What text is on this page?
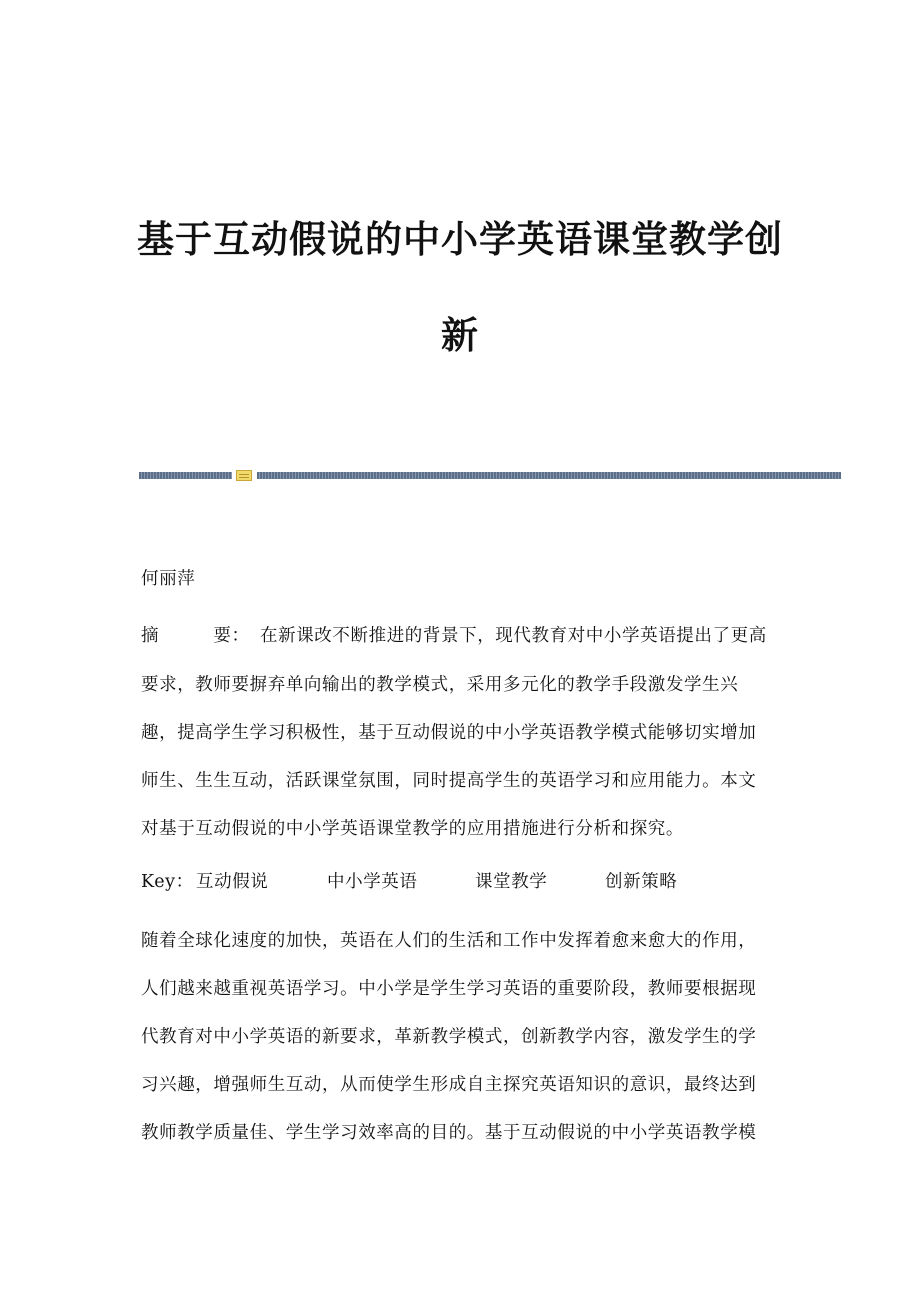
基于互动假说的中小学英语课堂教学创
新
何丽萍
摘　　　要： 在新课改不断推进的背景下，现代教育对中小学英语提出了更高
要求，教师要摒弃单向输出的教学模式，采用多元化的教学手段激发学生兴
趣，提高学生学习积极性，基于互动假说的中小学英语教学模式能够切实增加
师生、生生互动，活跃课堂氛围，同时提高学生的英语学习和应用能力。本文
对基于互动假说的中小学英语课堂教学的应用措施进行分析和探究。
Key： 互动假说	中小学英语	课堂教学	创新策略
随着全球化速度的加快，英语在人们的生活和工作中发挥着愈来愈大的作用，
人们越来越重视英语学习。中小学是学生学习英语的重要阶段，教师要根据现
代教育对中小学英语的新要求，革新教学模式，创新教学内容，激发学生的学
习兴趣，增强师生互动，从而使学生形成自主探究英语知识的意识，最终达到
教师教学质量佳、学生学习效率高的目的。基于互动假说的中小学英语教学模
